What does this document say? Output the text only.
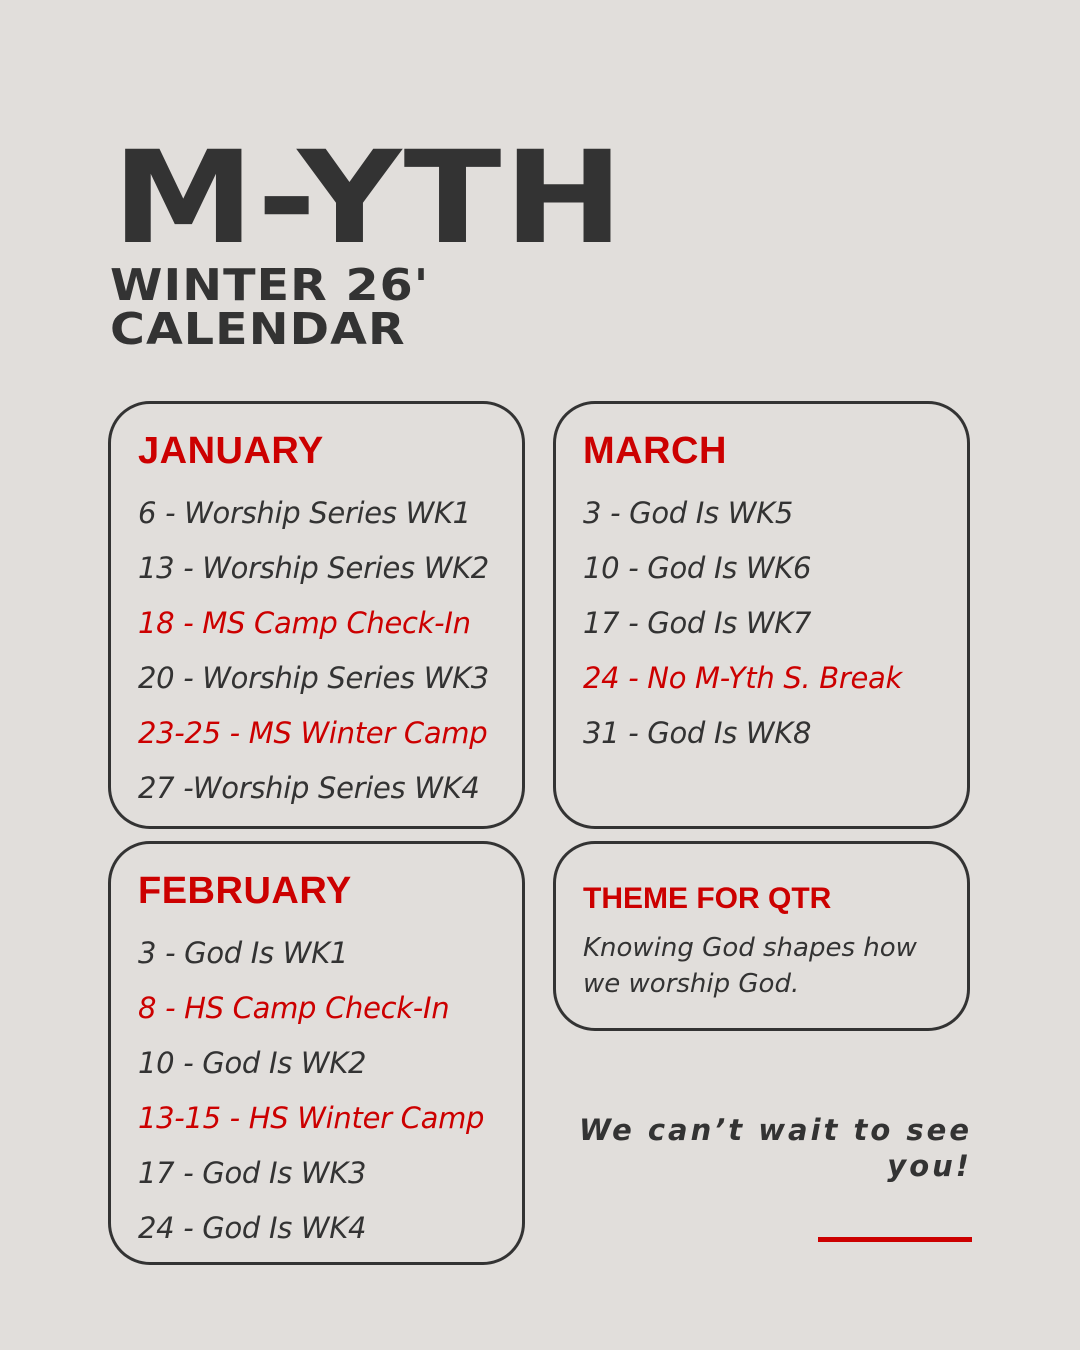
M-YTH
WINTER 26'
CALENDAR
JANUARY
6 - Worship Series WK1
13 - Worship Series WK2
18 - MS Camp Check-In
20 - Worship Series WK3
23-25 - MS Winter Camp
27 -Worship Series WK4
MARCH
3 - God Is WK5
10 - God Is WK6
17 - God Is WK7
24 - No M-Yth S. Break
31 - God Is WK8
FEBRUARY
3 - God Is WK1
8 - HS Camp Check-In
10 - God Is WK2
13-15 - HS Winter Camp
17 - God Is WK3
24 - God Is WK4
THEME FOR QTR

Knowing God shapes how we worship God.

We can’t wait to see you!
